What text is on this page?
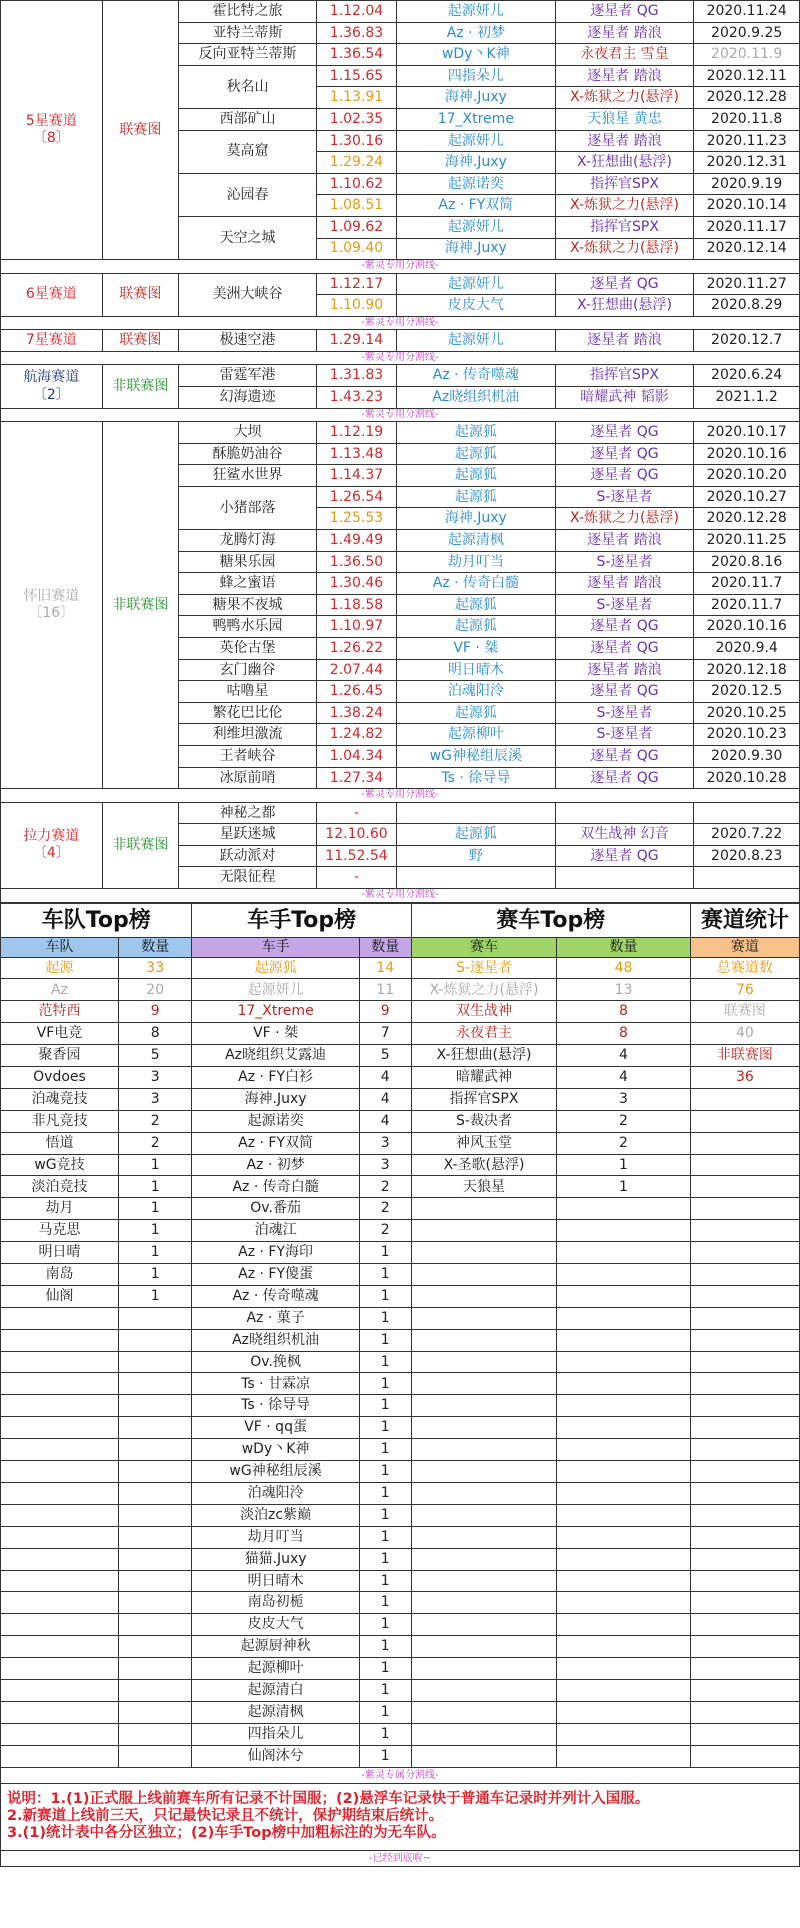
5星赛道
〔8〕	联赛图	霍比特之旅	1.12.04	起源妍儿	逐星者 QG	2020.11.24
		亚特兰蒂斯	1.36.83	Az · 初梦	逐星者 踏浪	2020.9.25
		反向亚特兰蒂斯	1.36.54	wDy丶K神	永夜君主 雪皇	2020.11.9
		秋名山	1.15.65	四指朵儿	逐星者 踏浪	2020.12.11
			1.13.91	海神.Juxy	X-炼狱之力(悬浮)	2020.12.28
		西部矿山	1.02.35	17_Xtreme	天狼星 黄忠	2020.11.8
		莫高窟	1.30.16	起源妍儿	逐星者 踏浪	2020.11.23
			1.29.24	海神.Juxy	X-狂想曲(悬浮)	2020.12.31
		沁园春	1.10.62	起源诺奕	指挥官SPX	2020.9.19
			1.08.51	Az · FY双简	X-炼狱之力(悬浮)	2020.10.14
		天空之城	1.09.62	起源妍儿	指挥官SPX	2020.11.17
			1.09.40	海神.Juxy	X-炼狱之力(悬浮)	2020.12.14
-紫灵专用分割线-						

6星赛道	联赛图	美洲大峡谷	1.12.17	起源妍儿	逐星者 QG	2020.11.27
			1.10.90	皮皮大气	X-狂想曲(悬浮)	2020.8.29
-紫灵专用分割线-						

7星赛道	联赛图	极速空港	1.29.14	起源妍儿	逐星者 踏浪	2020.12.7
-紫灵专用分割线-						

航海赛道
〔2〕	非联赛图	雷霆军港	1.31.83	Az · 传奇噬魂	指挥官SPX	2020.6.24
		幻海遗迹	1.43.23	Az晓组织机油	暗耀武神 韬影	2021.1.2
-紫灵专用分割线-						

怀旧赛道
〔16〕	非联赛图	大坝	1.12.19	起源狐	逐星者 QG	2020.10.17
		酥脆奶油谷	1.13.48	起源狐	逐星者 QG	2020.10.16
		狂鲨水世界	1.14.37	起源狐	逐星者 QG	2020.10.20
		小猪部落	1.26.54	起源狐	S-逐星者	2020.10.27
			1.25.53	海神.Juxy	X-炼狱之力(悬浮)	2020.12.28
		龙腾灯海	1.49.49	起源清枫	逐星者 踏浪	2020.11.25
		糖果乐园	1.36.50	劫月叮当	S-逐星者	2020.8.16
		蜂之蜜语	1.30.46	Az · 传奇白髓	逐星者 踏浪	2020.11.7
		糖果不夜城	1.18.58	起源狐	S-逐星者	2020.11.7
		鸭鸭水乐园	1.10.97	起源狐	逐星者 QG	2020.10.16
		英伦古堡	1.26.22	VF · 桀	逐星者 QG	2020.9.4
		玄门幽谷	2.07.44	明日晴木	逐星者 踏浪	2020.12.18
		咕噜星	1.26.45	泊魂阳泠	逐星者 QG	2020.12.5
		繁花巴比伦	1.38.24	起源狐	S-逐星者	2020.10.25
		利维坦激流	1.24.82	起源柳叶	S-逐星者	2020.10.23
		王者峡谷	1.04.34	wG神秘组辰溪	逐星者 QG	2020.9.30
		冰原前哨	1.27.34	Ts · 徐导导	逐星者 QG	2020.10.28
-紫灵专用分割线-						

拉力赛道
〔4〕	非联赛图	神秘之都	-			
		星跃迷城	12.10.60	起源狐	双生战神 幻音	2020.7.22
		跃动派对	11.52.54	野	逐星者 QG	2020.8.23
		无限征程	-			
-紫灵专用分割线-						
车队Top榜		车手Top榜		赛车Top榜		赛道统计
车队	数量	车手	数量	赛车	数量	赛道
起源	33	起源狐	14	S-逐星者	48	总赛道数
Az	20	起源妍儿	11	X-炼狱之力(悬浮)	13	76
范特西	9	17_Xtreme	9	双生战神	8	联赛图
VF电竞	8	VF · 桀	7	永夜君主	8	40
聚香园	5	Az晓组织艾露迪	5	X-狂想曲(悬浮)	4	非联赛图
Ovdoes	3	Az · FY白衫	4	暗耀武神	4	36
泊魂竞技	3	海神.Juxy	4	指挥官SPX	3	
非凡竞技	2	起源诺奕	4	S-裁决者	2	
悟道	2	Az · FY双简	3	神风玉堂	2	
wG竞技	1	Az · 初梦	3	X-圣歌(悬浮)	1	
淡泊竞技	1	Az · 传奇白髓	2	天狼星	1	
劫月	1	Ov.番茄	2			
马克思	1	泊魂江	2			
明日晴	1	Az · FY海印	1			
南岛	1	Az · FY傻蛋	1			
仙阁	1	Az · 传奇噬魂	1			
		Az · 菓子	1			
		Az晓组织机油	1			
		Ov.挽枫	1			
		Ts · 甘霖凉	1			
		Ts · 徐导导	1			
		VF · qq蛋	1			
		wDy丶K神	1			
		wG神秘组辰溪	1			
		泊魂阳泠	1			
		淡泊zc紫巅	1			
		劫月叮当	1			
		猫猫.Juxy	1			
		明日晴木	1			
		南岛初栀	1			
		皮皮大气	1			
		起源厨神秋	1			
		起源柳叶	1			
		起源清白	1			
		起源清枫	1			
		四指朵儿	1			
		仙阁沐兮	1			
-紫灵专属分割线-
说明：1.(1)正式服上线前赛车所有记录不计国服；(2)悬浮车记录快于普通车记录时并列计入国服。
2.新赛道上线前三天，只记最快记录且不统计，保护期结束后统计。
3.(1)统计表中各分区独立；(2)车手Top榜中加粗标注的为无车队。
-已经到底啦~
